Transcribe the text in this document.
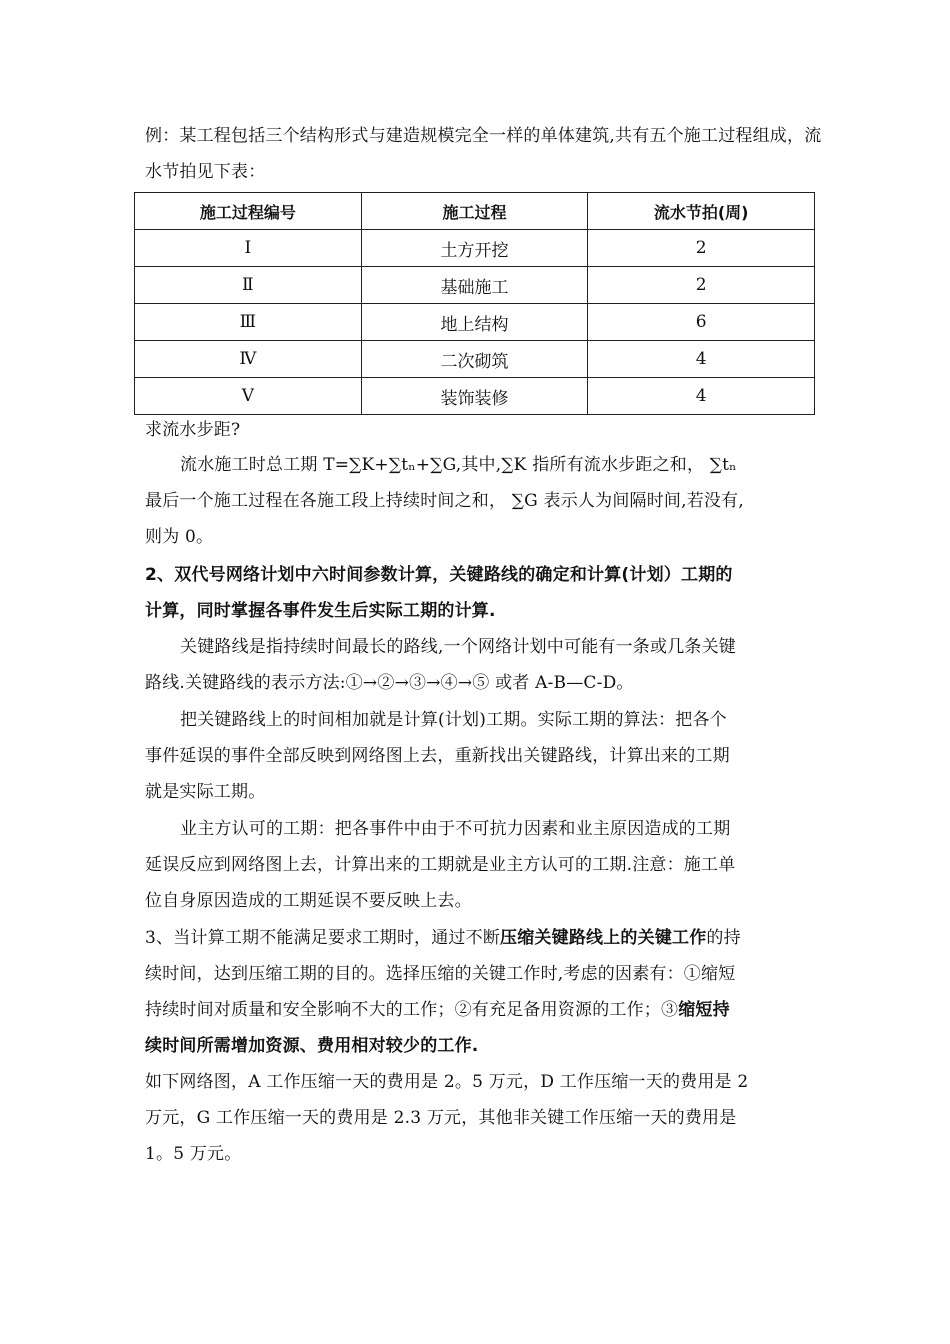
例：某工程包括三个结构形式与建造规模完全一样的单体建筑,共有五个施工过程组成，流
水节拍见下表：
施工过程编号	施工过程	流水节拍(周)
Ⅰ	土方开挖	2
Ⅱ	基础施工	2
Ⅲ	地上结构	6
Ⅳ	二次砌筑	4
Ⅴ	装饰装修	4
求流水步距?
流水施工时总工期 T=∑K+∑tₙ+∑G,其中,∑K 指所有流水步距之和， ∑tₙ
最后一个施工过程在各施工段上持续时间之和， ∑G 表示人为间隔时间,若没有,
则为 0。
2、双代号网络计划中六时间参数计算，关键路线的确定和计算(计划）工期的
计算，同时掌握各事件发生后实际工期的计算.
关键路线是指持续时间最长的路线,一个网络计划中可能有一条或几条关键
路线.关键路线的表示方法:①→②→③→④→⑤ 或者 A-B—C-D。
把关键路线上的时间相加就是计算(计划)工期。实际工期的算法：把各个
事件延误的事件全部反映到网络图上去，重新找出关键路线，计算出来的工期
就是实际工期。
业主方认可的工期：把各事件中由于不可抗力因素和业主原因造成的工期
延误反应到网络图上去，计算出来的工期就是业主方认可的工期.注意：施工单
位自身原因造成的工期延误不要反映上去。
3、当计算工期不能满足要求工期时，通过不断压缩关键路线上的关键工作的持
续时间，达到压缩工期的目的。选择压缩的关键工作时,考虑的因素有：①缩短
持续时间对质量和安全影响不大的工作；②有充足备用资源的工作；③缩短持
续时间所需增加资源、费用相对较少的工作.
如下网络图，A 工作压缩一天的费用是 2。5 万元，D 工作压缩一天的费用是 2
万元，G 工作压缩一天的费用是 2.3 万元，其他非关键工作压缩一天的费用是
1。5 万元。
